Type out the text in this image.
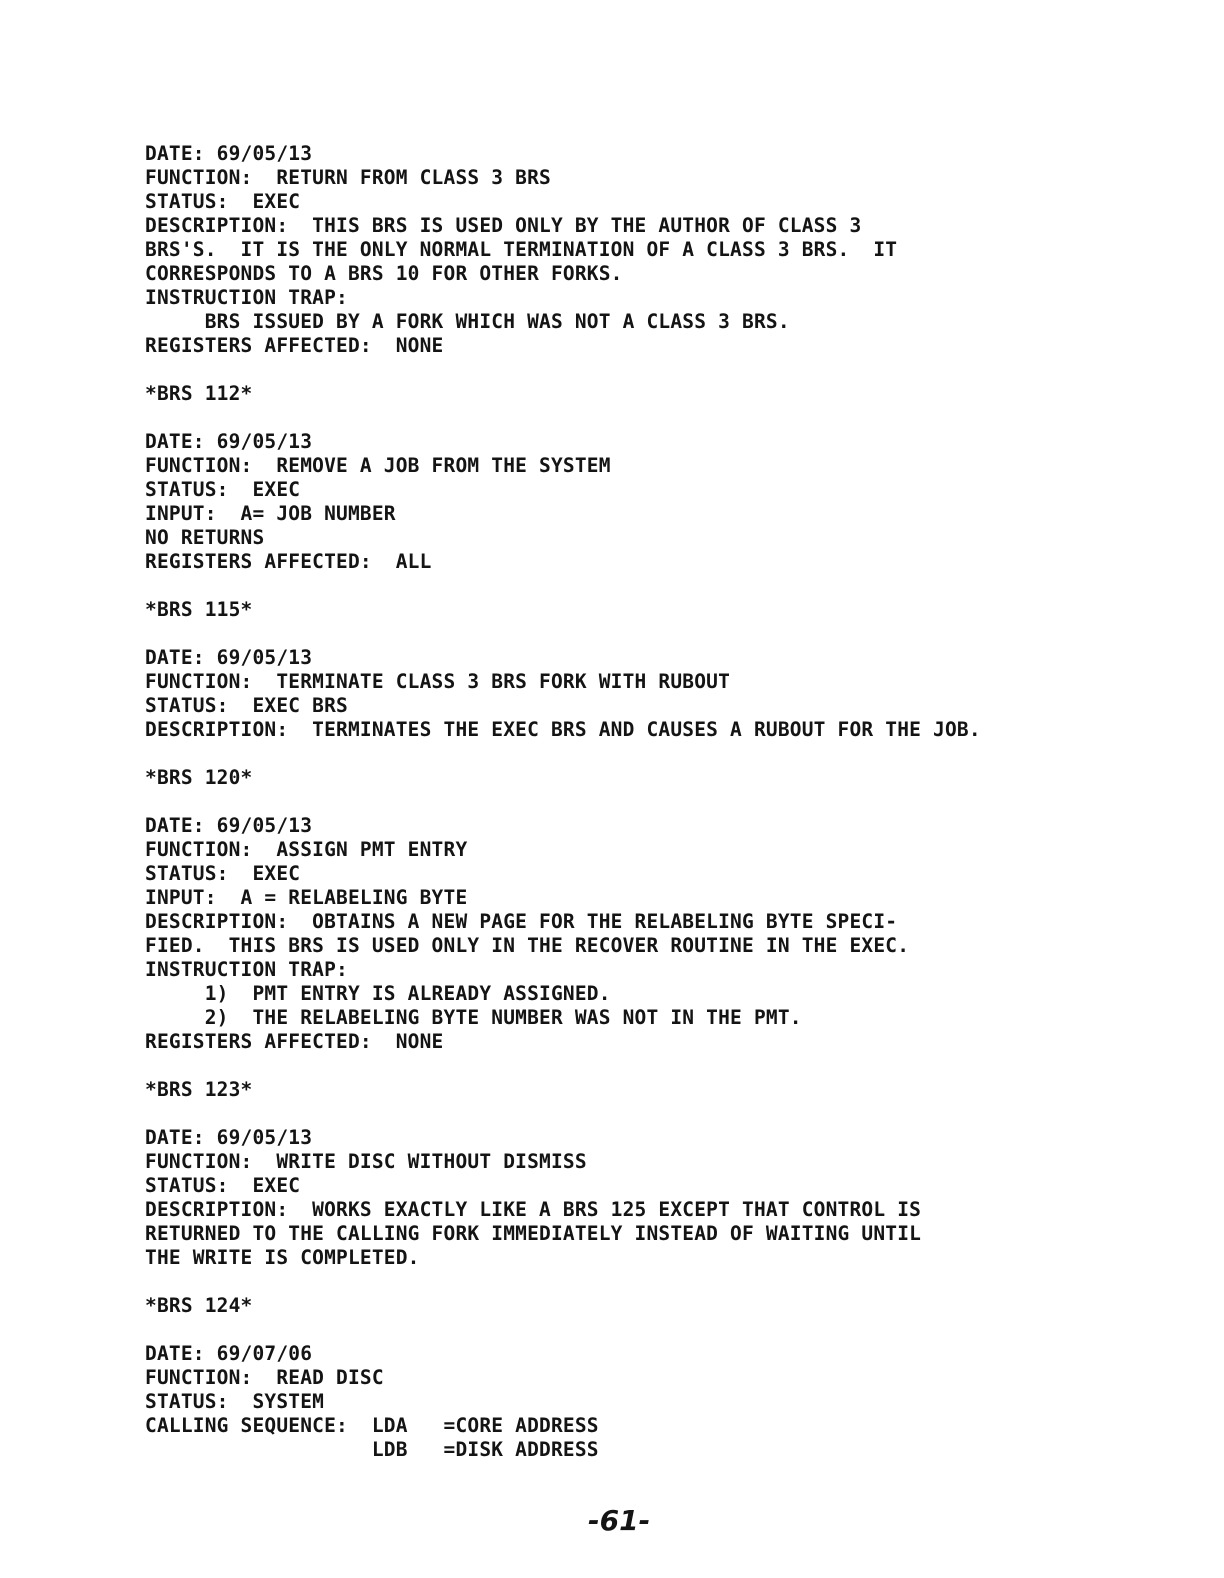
DATE: 69/05/13
FUNCTION:  RETURN FROM CLASS 3 BRS
STATUS:  EXEC
DESCRIPTION:  THIS BRS IS USED ONLY BY THE AUTHOR OF CLASS 3
BRS'S.  IT IS THE ONLY NORMAL TERMINATION OF A CLASS 3 BRS.  IT
CORRESPONDS TO A BRS 10 FOR OTHER FORKS.
INSTRUCTION TRAP:
BRS ISSUED BY A FORK WHICH WAS NOT A CLASS 3 BRS.
REGISTERS AFFECTED:  NONE
*BRS 112*
DATE: 69/05/13
FUNCTION:  REMOVE A JOB FROM THE SYSTEM
STATUS:  EXEC
INPUT:  A= JOB NUMBER
NO RETURNS
REGISTERS AFFECTED:  ALL
*BRS 115*
DATE: 69/05/13
FUNCTION:  TERMINATE CLASS 3 BRS FORK WITH RUBOUT
STATUS:  EXEC BRS
DESCRIPTION:  TERMINATES THE EXEC BRS AND CAUSES A RUBOUT FOR THE JOB.
*BRS 120*
DATE: 69/05/13
FUNCTION:  ASSIGN PMT ENTRY
STATUS:  EXEC
INPUT:  A = RELABELING BYTE
DESCRIPTION:  OBTAINS A NEW PAGE FOR THE RELABELING BYTE SPECI-
FIED.  THIS BRS IS USED ONLY IN THE RECOVER ROUTINE IN THE EXEC.
INSTRUCTION TRAP:
1)  PMT ENTRY IS ALREADY ASSIGNED.
2)  THE RELABELING BYTE NUMBER WAS NOT IN THE PMT.
REGISTERS AFFECTED:  NONE
*BRS 123*
DATE: 69/05/13
FUNCTION:  WRITE DISC WITHOUT DISMISS
STATUS:  EXEC
DESCRIPTION:  WORKS EXACTLY LIKE A BRS 125 EXCEPT THAT CONTROL IS
RETURNED TO THE CALLING FORK IMMEDIATELY INSTEAD OF WAITING UNTIL
THE WRITE IS COMPLETED.
*BRS 124*
DATE: 69/07/06
FUNCTION:  READ DISC
STATUS:  SYSTEM
CALLING SEQUENCE:  LDA   =CORE ADDRESS
LDB   =DISK ADDRESS
-61-
